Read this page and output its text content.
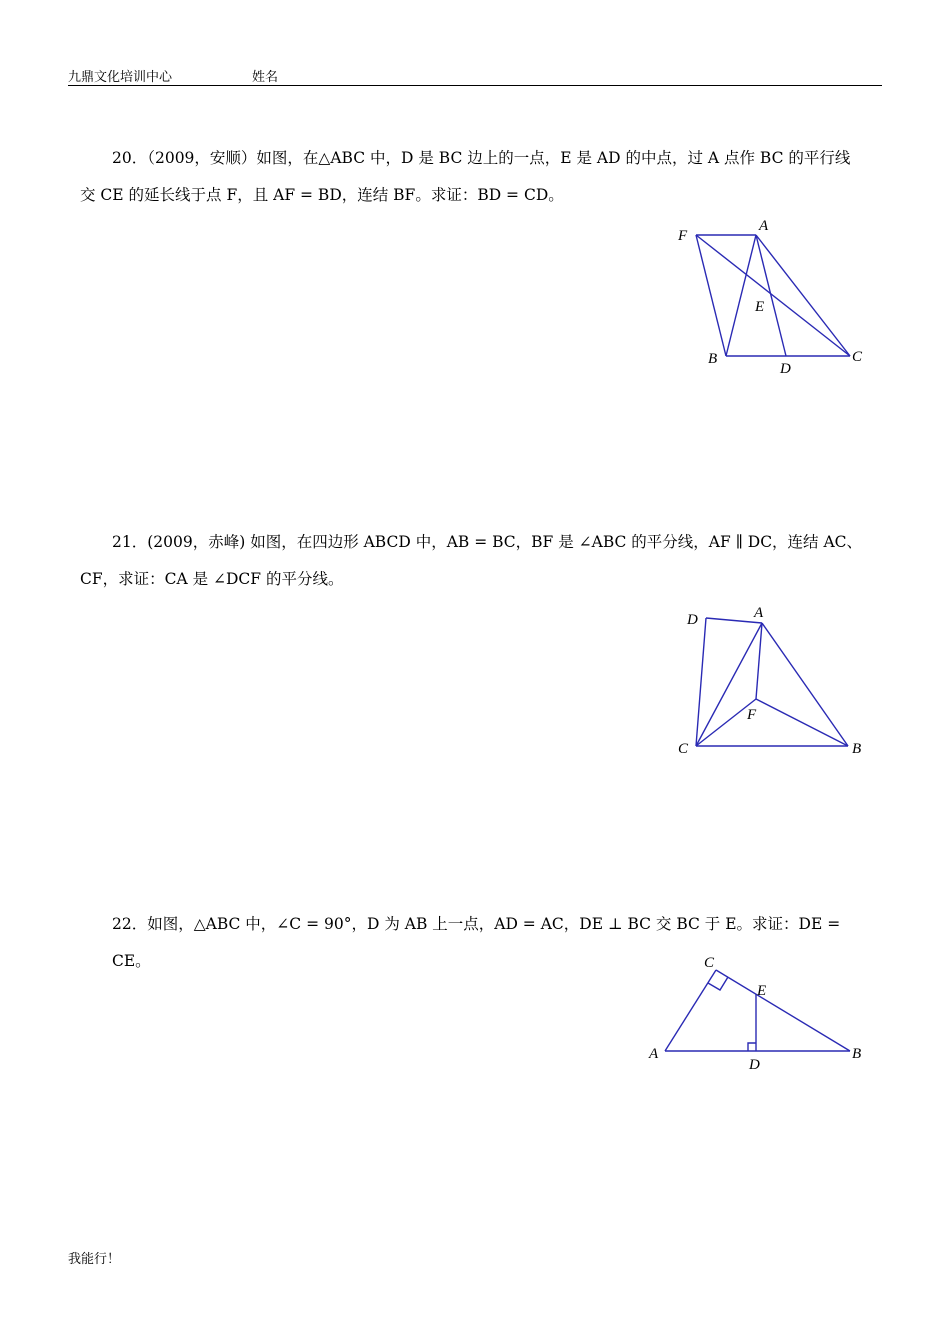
九鼎文化培训中心	姓名

20．（2009，安顺）如图，在△ABC 中，D 是 BC 边上的一点，E 是 AD 的中点，过 A 点作 BC 的平行线

交 CE 的延长线于点 F，且 AF = BD，连结 BF。求证：BD = CD。

F
A
E
B
D
C

21．(2009，赤峰) 如图，在四边形 ABCD 中，AB = BC，BF 是 ∠ABC 的平分线，AF ∥ DC，连结 AC、

CF，求证：CA 是 ∠DCF 的平分线。

D	A
F
C	B

22．如图，△ABC 中，∠C = 90°，D 为 AB 上一点，AD = AC，DE ⊥ BC 交 BC 于 E。求证：DE = CE。	C
E
A
D
B
我能行！
